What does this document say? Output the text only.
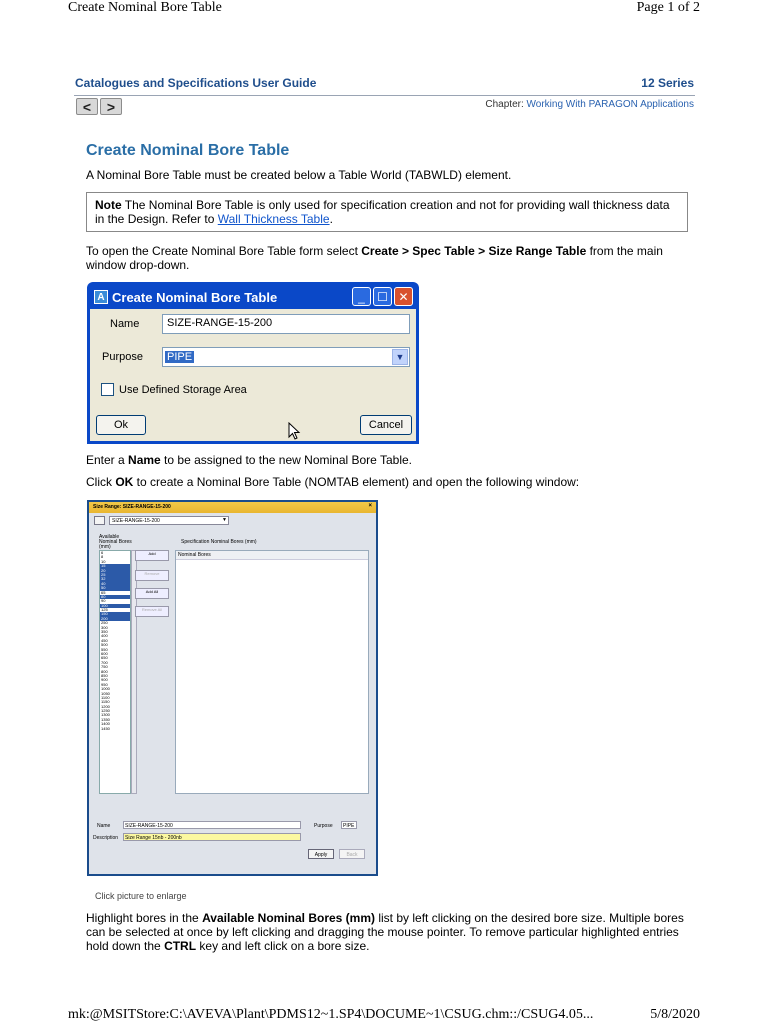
Create Nominal Bore Table	Page 1 of 2
Catalogues and Specifications User Guide	12 Series
< >	Chapter: Working With PARAGON Applications
Create Nominal Bore Table
A Nominal Bore Table must be created below a Table World (TABWLD) element.
Note The Nominal Bore Table is only used for specification creation and not for providing wall thickness data in the Design. Refer to Wall Thickness Table.
To open the Create Nominal Bore Table form select Create > Spec Table > Size Range Table from the main window drop-down.
A Create Nominal Bore Table	_	☐ ✕
Name	SIZE-RANGE-15-200
Purpose	PIPE	▼
Use Defined Storage Area
Ok	Cancel
Enter a Name to be assigned to the new Nominal Bore Table.
Click OK to create a Nominal Bore Table (NOMTAB element) and open the following window:
Size Range: SIZE-RANGE-15-200	×
SIZE-RANGE-15-200	▼
Available Nominal Bores (mm)
Specification Nominal Bores (mm)
6
8
10
15
20
25
32
40
50
65
80
90
100
125
150
200
250
300
350
400
450
500
550
600
650
700
750
800
850
900
950
1000
1050
1100
1150
1200
1250
1300
1350
1400
1450
Add
Remove
Add All
Remove All
Nominal Bores
Name	SIZE-RANGE-15-200	Purpose	PIPE
Description	Size Range 15nb - 200nb
Apply	Back
Click picture to enlarge
Highlight bores in the Available Nominal Bores (mm) list by left clicking on the desired bore size. Multiple bores can be selected at once by left clicking and dragging the mouse pointer. To remove particular highlighted entries hold down the CTRL key and left click on a bore size.
mk:@MSITStore:C:\AVEVA\Plant\PDMS12~1.SP4\DOCUME~1\CSUG.chm::/CSUG4.05...	5/8/2020
